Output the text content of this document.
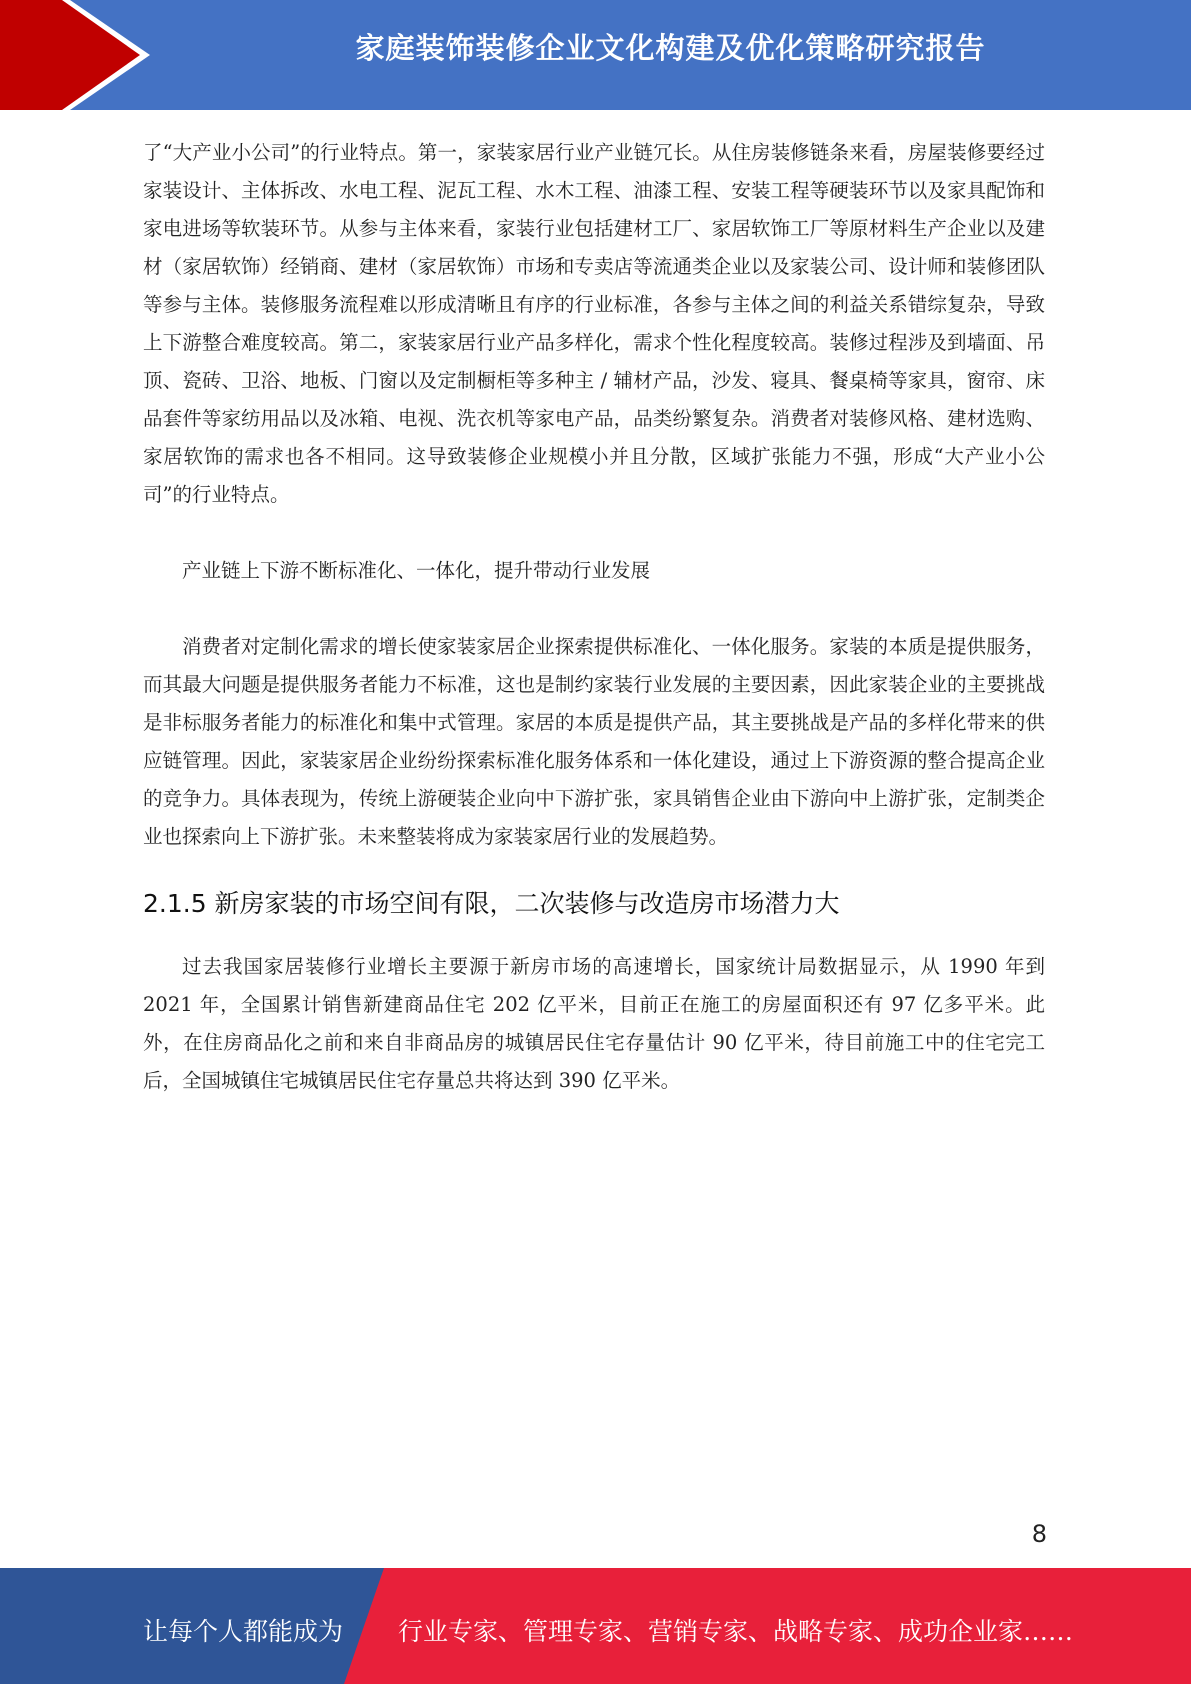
家庭装饰装修企业文化构建及优化策略研究报告

了“大产业小公司”的行业特点。第一，家装家居行业产业链冗长。从住房装修链条来看，房屋装修要经过家装设计、主体拆改、水电工程、泥瓦工程、水木工程、油漆工程、安装工程等硬装环节以及家具配饰和家电进场等软装环节。从参与主体来看，家装行业包括建材工厂、家居软饰工厂等原材料生产企业以及建材（家居软饰）经销商、建材（家居软饰）市场和专卖店等流通类企业以及家装公司、设计师和装修团队等参与主体。装修服务流程难以形成清晰且有序的行业标准，各参与主体之间的利益关系错综复杂，导致上下游整合难度较高。第二，家装家居行业产品多样化，需求个性化程度较高。装修过程涉及到墙面、吊顶、瓷砖、卫浴、地板、门窗以及定制橱柜等多种主 / 辅材产品，沙发、寝具、餐桌椅等家具，窗帘、床品套件等家纺用品以及冰箱、电视、洗衣机等家电产品，品类纷繁复杂。消费者对装修风格、建材选购、家居软饰的需求也各不相同。这导致装修企业规模小并且分散，区域扩张能力不强，形成“大产业小公司”的行业特点。

产业链上下游不断标准化、一体化，提升带动行业发展

消费者对定制化需求的增长使家装家居企业探索提供标准化、一体化服务。家装的本质是提供服务，而其最大问题是提供服务者能力不标准，这也是制约家装行业发展的主要因素，因此家装企业的主要挑战是非标服务者能力的标准化和集中式管理。家居的本质是提供产品，其主要挑战是产品的多样化带来的供应链管理。因此，家装家居企业纷纷探索标准化服务体系和一体化建设，通过上下游资源的整合提高企业的竞争力。具体表现为，传统上游硬装企业向中下游扩张，家具销售企业由下游向中上游扩张，定制类企业也探索向上下游扩张。未来整装将成为家装家居行业的发展趋势。

2.1.5 新房家装的市场空间有限，二次装修与改造房市场潜力大

过去我国家居装修行业增长主要源于新房市场的高速增长，国家统计局数据显示，从 1990 年到 2021 年，全国累计销售新建商品住宅 202 亿平米，目前正在施工的房屋面积还有 97 亿多平米。此外，在住房商品化之前和来自非商品房的城镇居民住宅存量估计 90 亿平米，待目前施工中的住宅完工后，全国城镇住宅城镇居民住宅存量总共将达到 390 亿平米。

8
让每个人都能成为 行业专家、管理专家、营销专家、战略专家、成功企业家……
